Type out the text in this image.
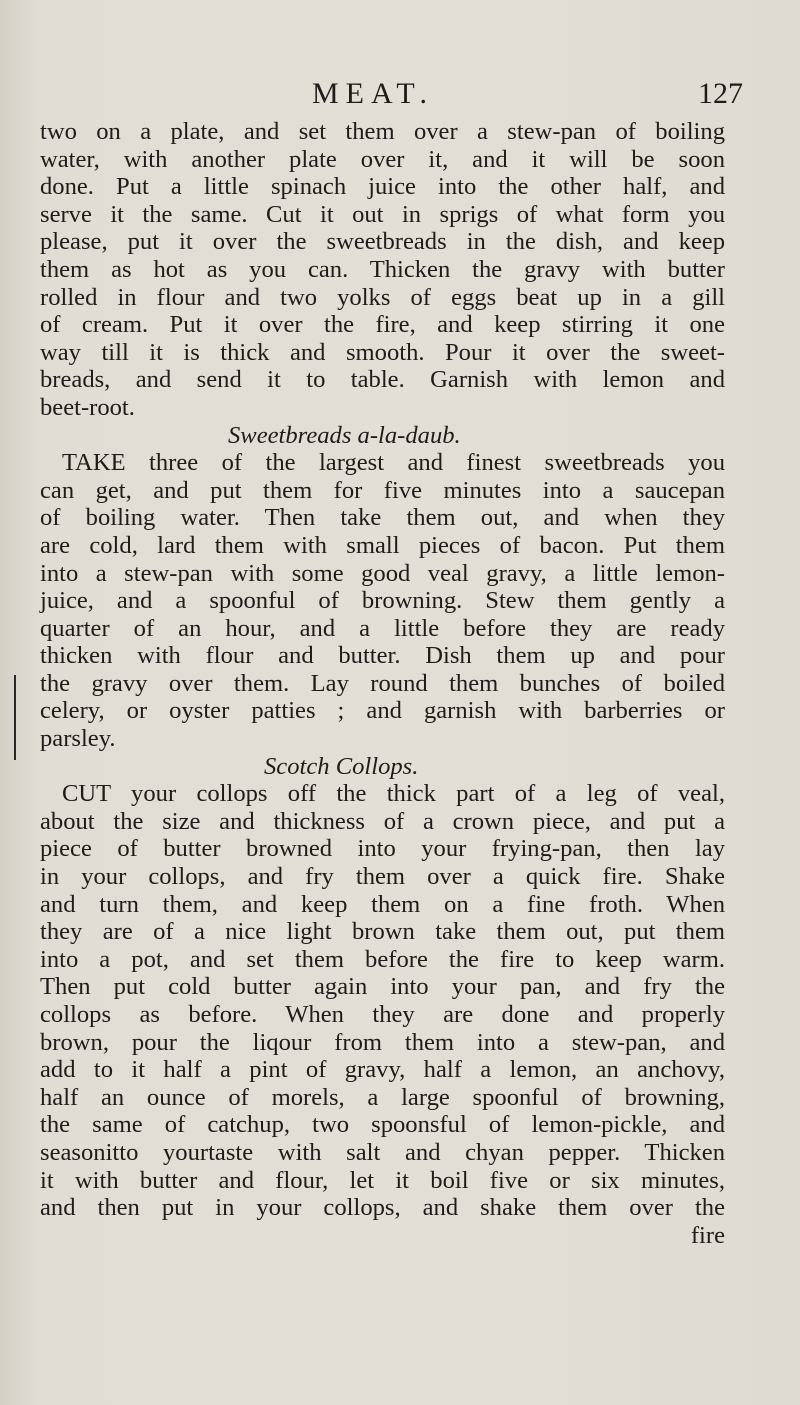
MEAT.	127
two on a plate, and set them over a stew-pan of boiling
water, with another plate over it, and it will be soon
done. Put a little spinach juice into the other half, and
serve it the same. Cut it out in sprigs of what form you
please, put it over the sweetbreads in the dish, and keep
them as hot as you can. Thicken the gravy with butter
rolled in flour and two yolks of eggs beat up in a gill
of cream. Put it over the fire, and keep stirring it one
way till it is thick and smooth. Pour it over the sweet-
breads, and send it to table. Garnish with lemon and
beet-root.
Sweetbreads a-la-daub.
TAKE three of the largest and finest sweetbreads you
can get, and put them for five minutes into a saucepan
of boiling water. Then take them out, and when they
are cold, lard them with small pieces of bacon. Put them
into a stew-pan with some good veal gravy, a little lemon-
juice, and a spoonful of browning. Stew them gently a
quarter of an hour, and a little before they are ready
thicken with flour and butter. Dish them up and pour
the gravy over them. Lay round them bunches of boiled
celery, or oyster patties ; and garnish with barberries or
parsley.
Scotch Collops.
CUT your collops off the thick part of a leg of veal,
about the size and thickness of a crown piece, and put a
piece of butter browned into your frying-pan, then lay
in your collops, and fry them over a quick fire. Shake
and turn them, and keep them on a fine froth. When
they are of a nice light brown take them out, put them
into a pot, and set them before the fire to keep warm.
Then put cold butter again into your pan, and fry the
collops as before. When they are done and properly
brown, pour the liqour from them into a stew-pan, and
add to it half a pint of gravy, half a lemon, an anchovy,
half an ounce of morels, a large spoonful of browning,
the same of catchup, two spoonsful of lemon-pickle, and
seasonitto yourtaste with salt and chyan pepper. Thicken
it with butter and flour, let it boil five or six minutes,
and then put in your collops, and shake them over the
fire
